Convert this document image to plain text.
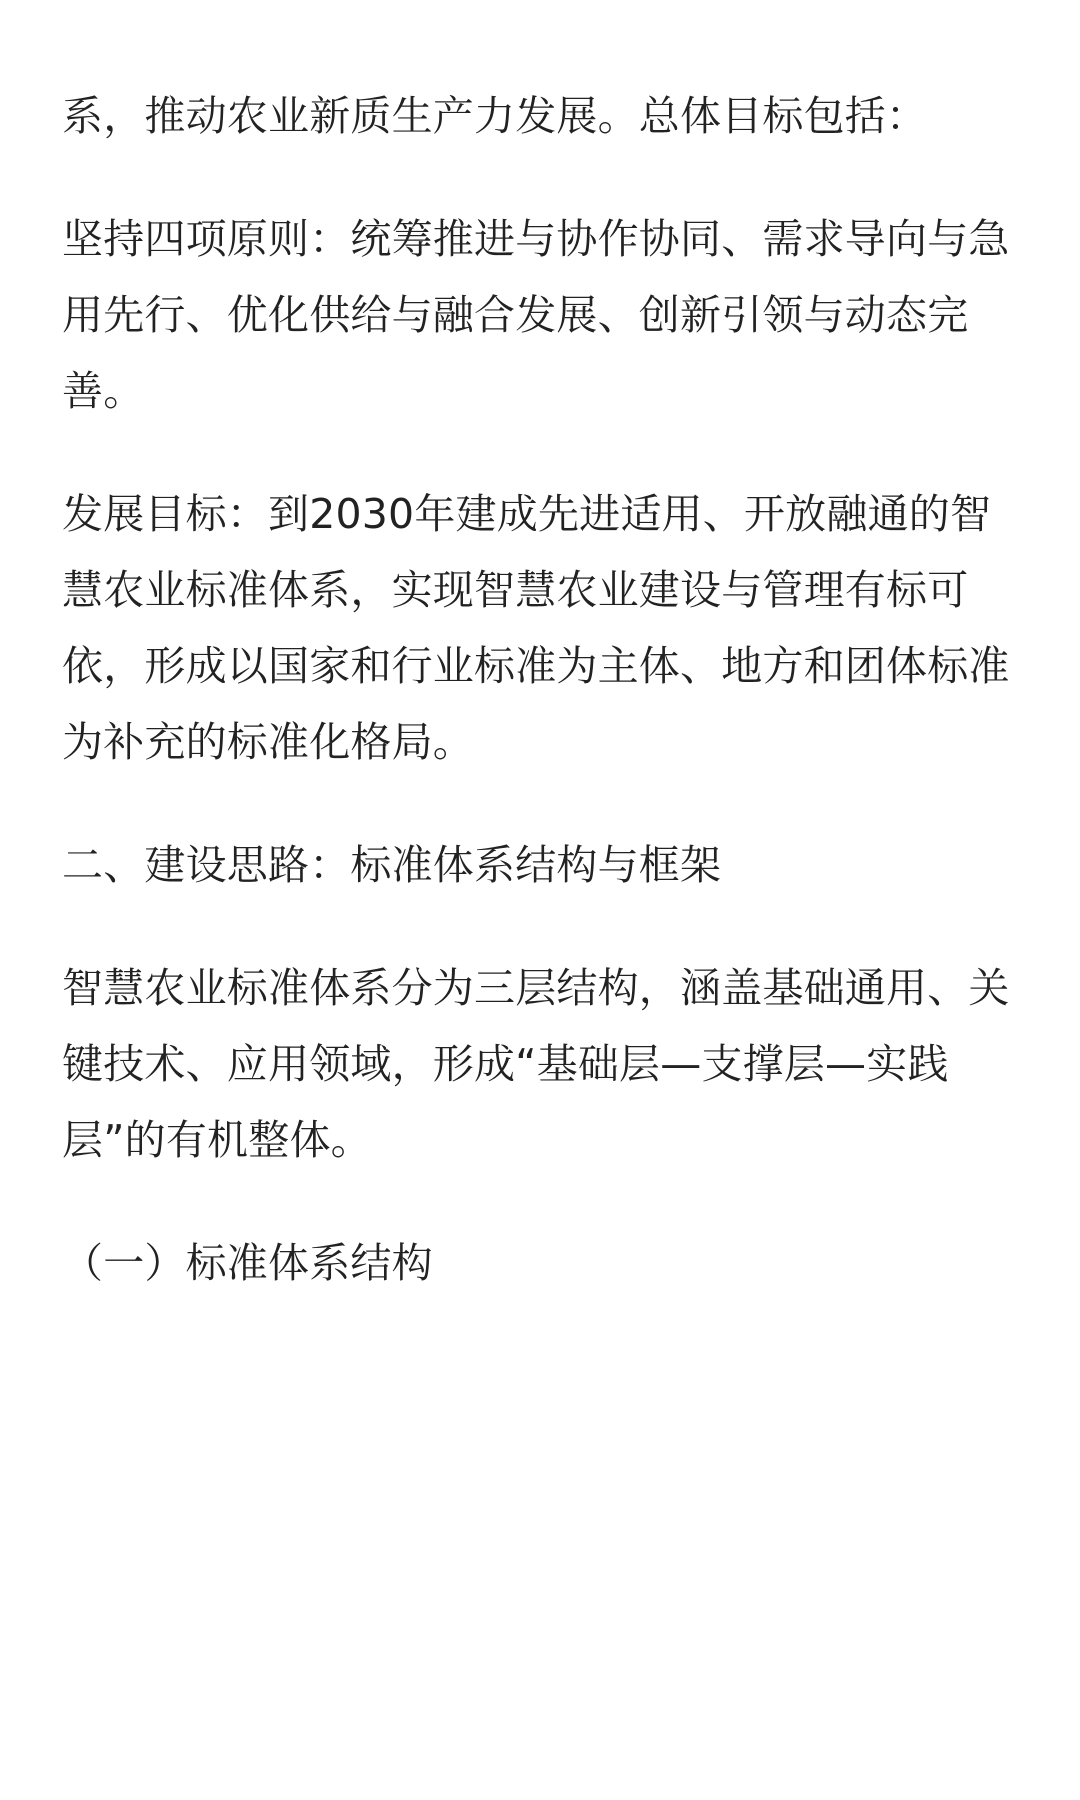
系，推动农业新质生产力发展。总体目标包括：

坚持四项原则：统筹推进与协作协同、需求导向与急用先行、优化供给与融合发展、创新引领与动态完善。

发展目标：到2030年建成先进适用、开放融通的智慧农业标准体系，实现智慧农业建设与管理有标可依，形成以国家和行业标准为主体、地方和团体标准为补充的标准化格局。

二、建设思路：标准体系结构与框架

智慧农业标准体系分为三层结构，涵盖基础通用、关键技术、应用领域，形成“基础层—支撑层—实践层”的有机整体。

（一）标准体系结构
